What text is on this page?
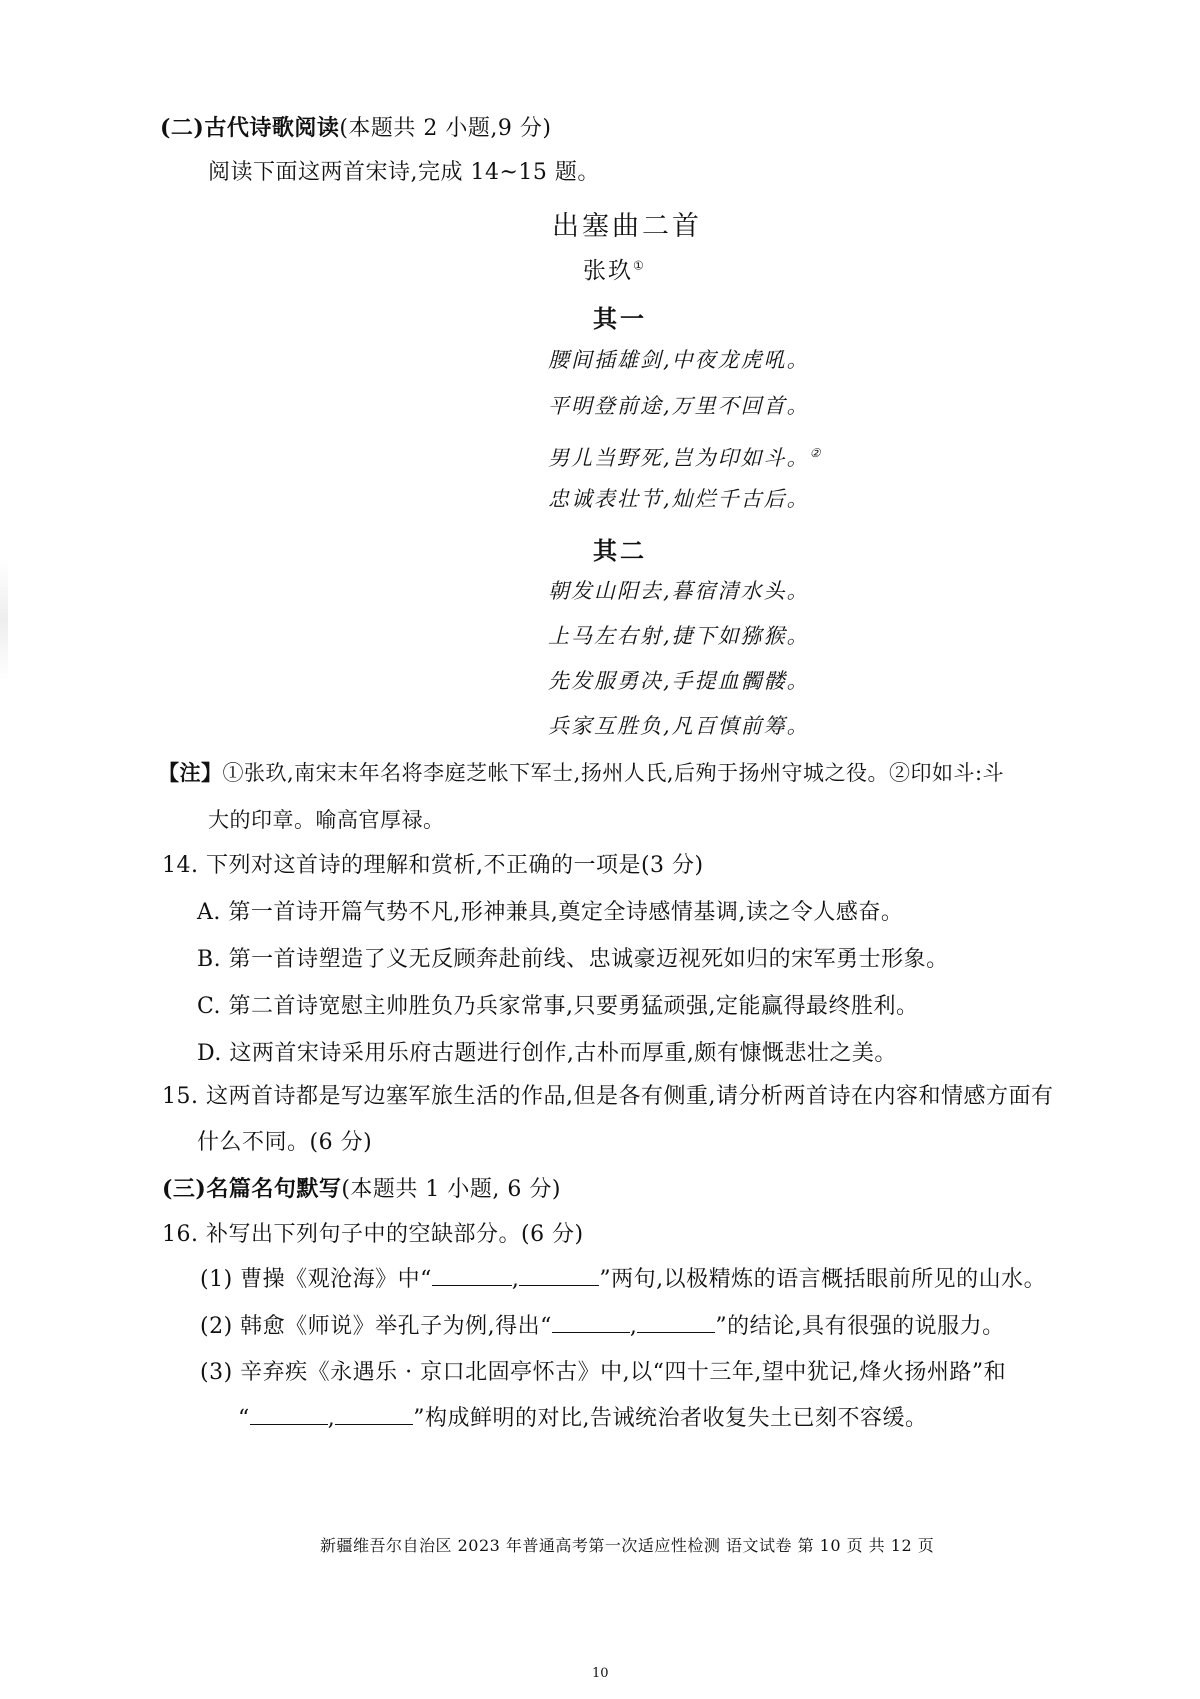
(二)古代诗歌阅读(本题共 2 小题,9 分)
阅读下面这两首宋诗,完成 14~15 题。
出塞曲二首
张玖①
其一
腰间插雄剑,中夜龙虎吼。
平明登前途,万里不回首。
男儿当野死,岂为印如斗。②
忠诚表壮节,灿烂千古后。
其二
朝发山阳去,暮宿清水头。
上马左右射,捷下如猕猴。
先发服勇决,手提血髑髅。
兵家互胜负,凡百慎前筹。
【注】①张玖,南宋末年名将李庭芝帐下军士,扬州人氏,后殉于扬州守城之役。②印如斗:斗
大的印章。喻高官厚禄。
14. 下列对这首诗的理解和赏析,不正确的一项是(3 分)
A. 第一首诗开篇气势不凡,形神兼具,奠定全诗感情基调,读之令人感奋。
B. 第一首诗塑造了义无反顾奔赴前线、忠诚豪迈视死如归的宋军勇士形象。
C. 第二首诗宽慰主帅胜负乃兵家常事,只要勇猛顽强,定能赢得最终胜利。
D. 这两首宋诗采用乐府古题进行创作,古朴而厚重,颇有慷慨悲壮之美。
15. 这两首诗都是写边塞军旅生活的作品,但是各有侧重,请分析两首诗在内容和情感方面有
什么不同。(6 分)
(三)名篇名句默写(本题共 1 小题, 6 分)
16. 补写出下列句子中的空缺部分。(6 分)
(1) 曹操《观沧海》中“	,	”两句,以极精炼的语言概括眼前所见的山水。
(2) 韩愈《师说》举孔子为例,得出“	,	”的结论,具有很强的说服力。
(3) 辛弃疾《永遇乐 · 京口北固亭怀古》中,以“四十三年,望中犹记,烽火扬州路”和
“	,	”构成鲜明的对比,告诫统治者收复失土已刻不容缓。
新疆维吾尔自治区 2023 年普通高考第一次适应性检测 语文试卷 第 10 页 共 12 页
10
